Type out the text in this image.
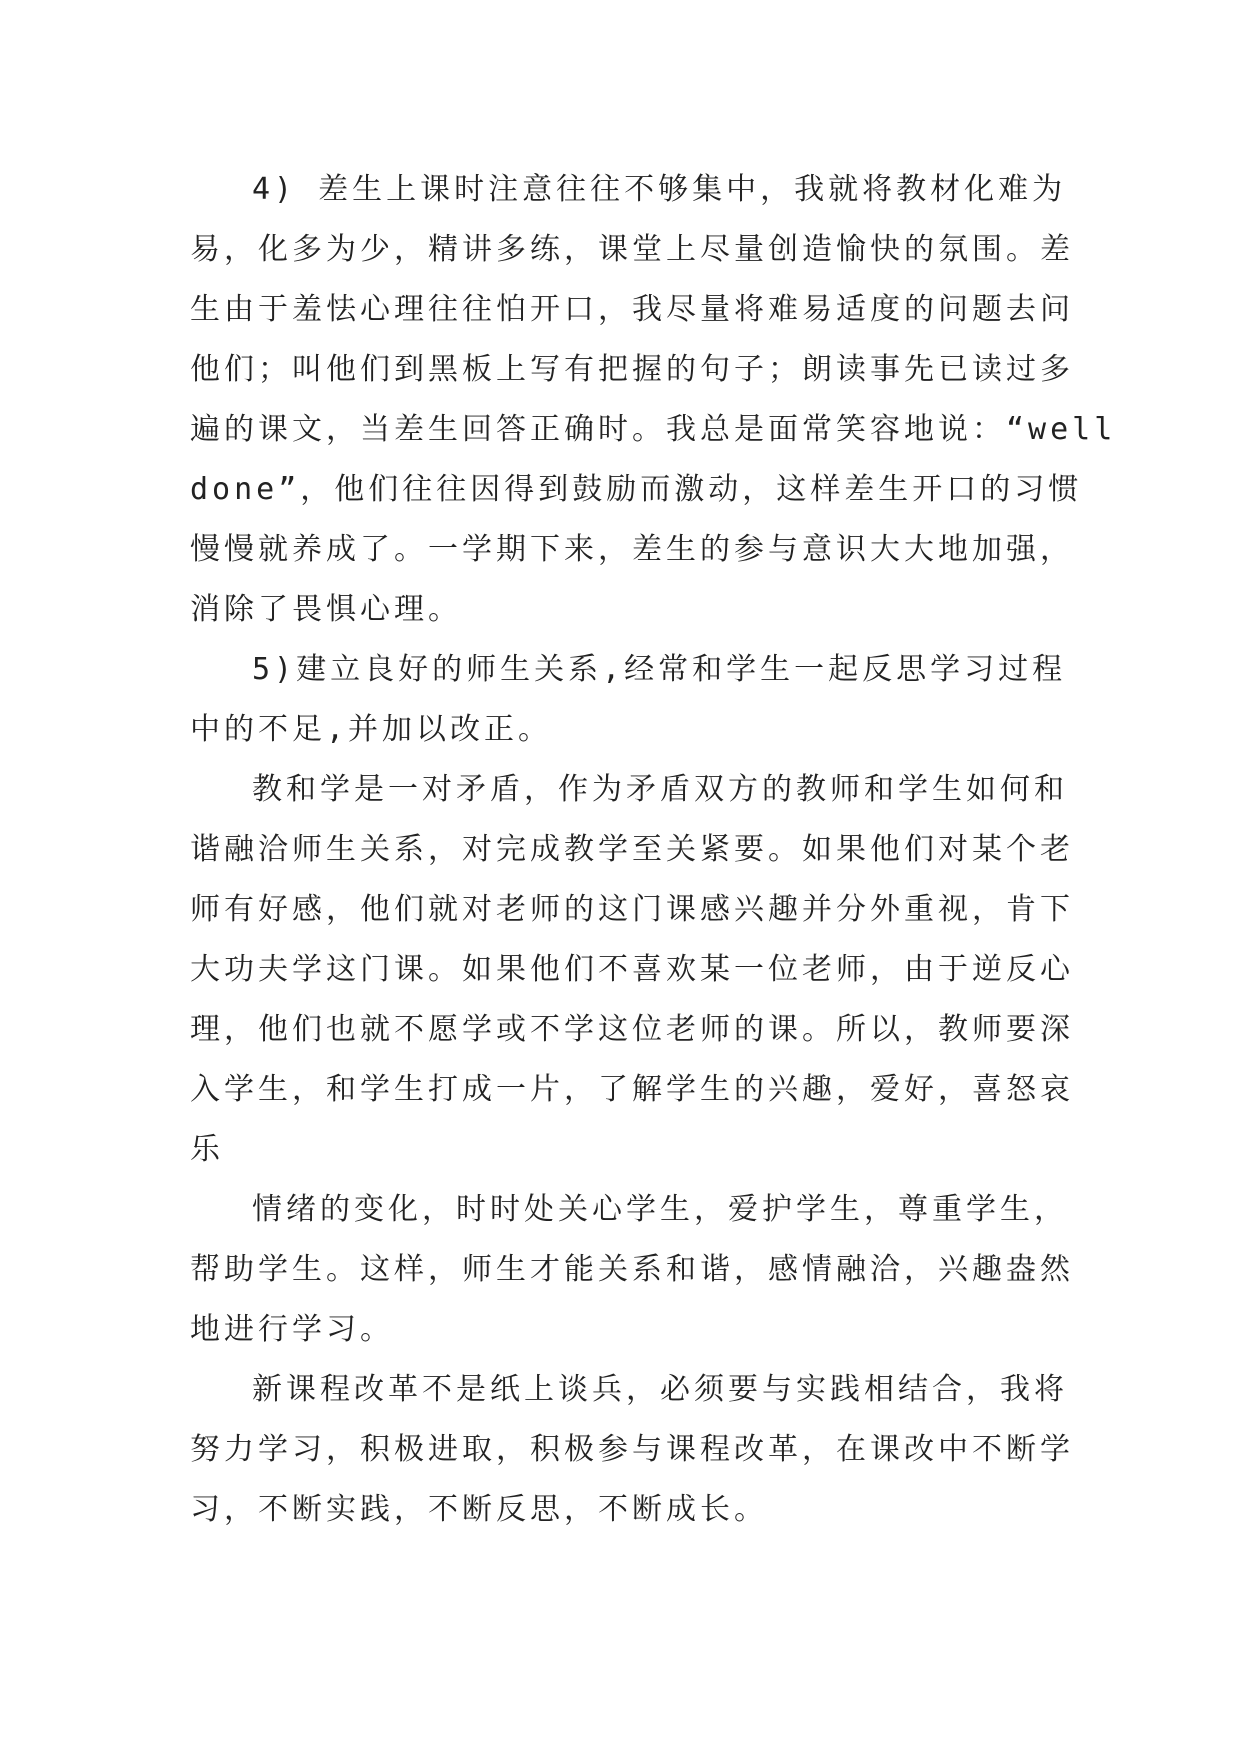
4) 差生上课时注意往往不够集中，我就将教材化难为
易，化多为少，精讲多练，课堂上尽量创造愉快的氛围。差
生由于羞怯心理往往怕开口，我尽量将难易适度的问题去问
他们；叫他们到黑板上写有把握的句子；朗读事先已读过多
遍的课文，当差生回答正确时。我总是面常笑容地说：“well
done”，他们往往因得到鼓励而激动，这样差生开口的习惯
慢慢就养成了。一学期下来，差生的参与意识大大地加强，
消除了畏惧心理。
5)建立良好的师生关系,经常和学生一起反思学习过程
中的不足,并加以改正。
教和学是一对矛盾，作为矛盾双方的教师和学生如何和
谐融洽师生关系，对完成教学至关紧要。如果他们对某个老
师有好感，他们就对老师的这门课感兴趣并分外重视，肯下
大功夫学这门课。如果他们不喜欢某一位老师，由于逆反心
理，他们也就不愿学或不学这位老师的课。所以，教师要深
入学生，和学生打成一片，了解学生的兴趣，爱好，喜怒哀
乐
情绪的变化，时时处关心学生，爱护学生，尊重学生，
帮助学生。这样，师生才能关系和谐，感情融洽，兴趣盎然
地进行学习。
新课程改革不是纸上谈兵，必须要与实践相结合，我将
努力学习，积极进取，积极参与课程改革，在课改中不断学
习，不断实践，不断反思，不断成长。
